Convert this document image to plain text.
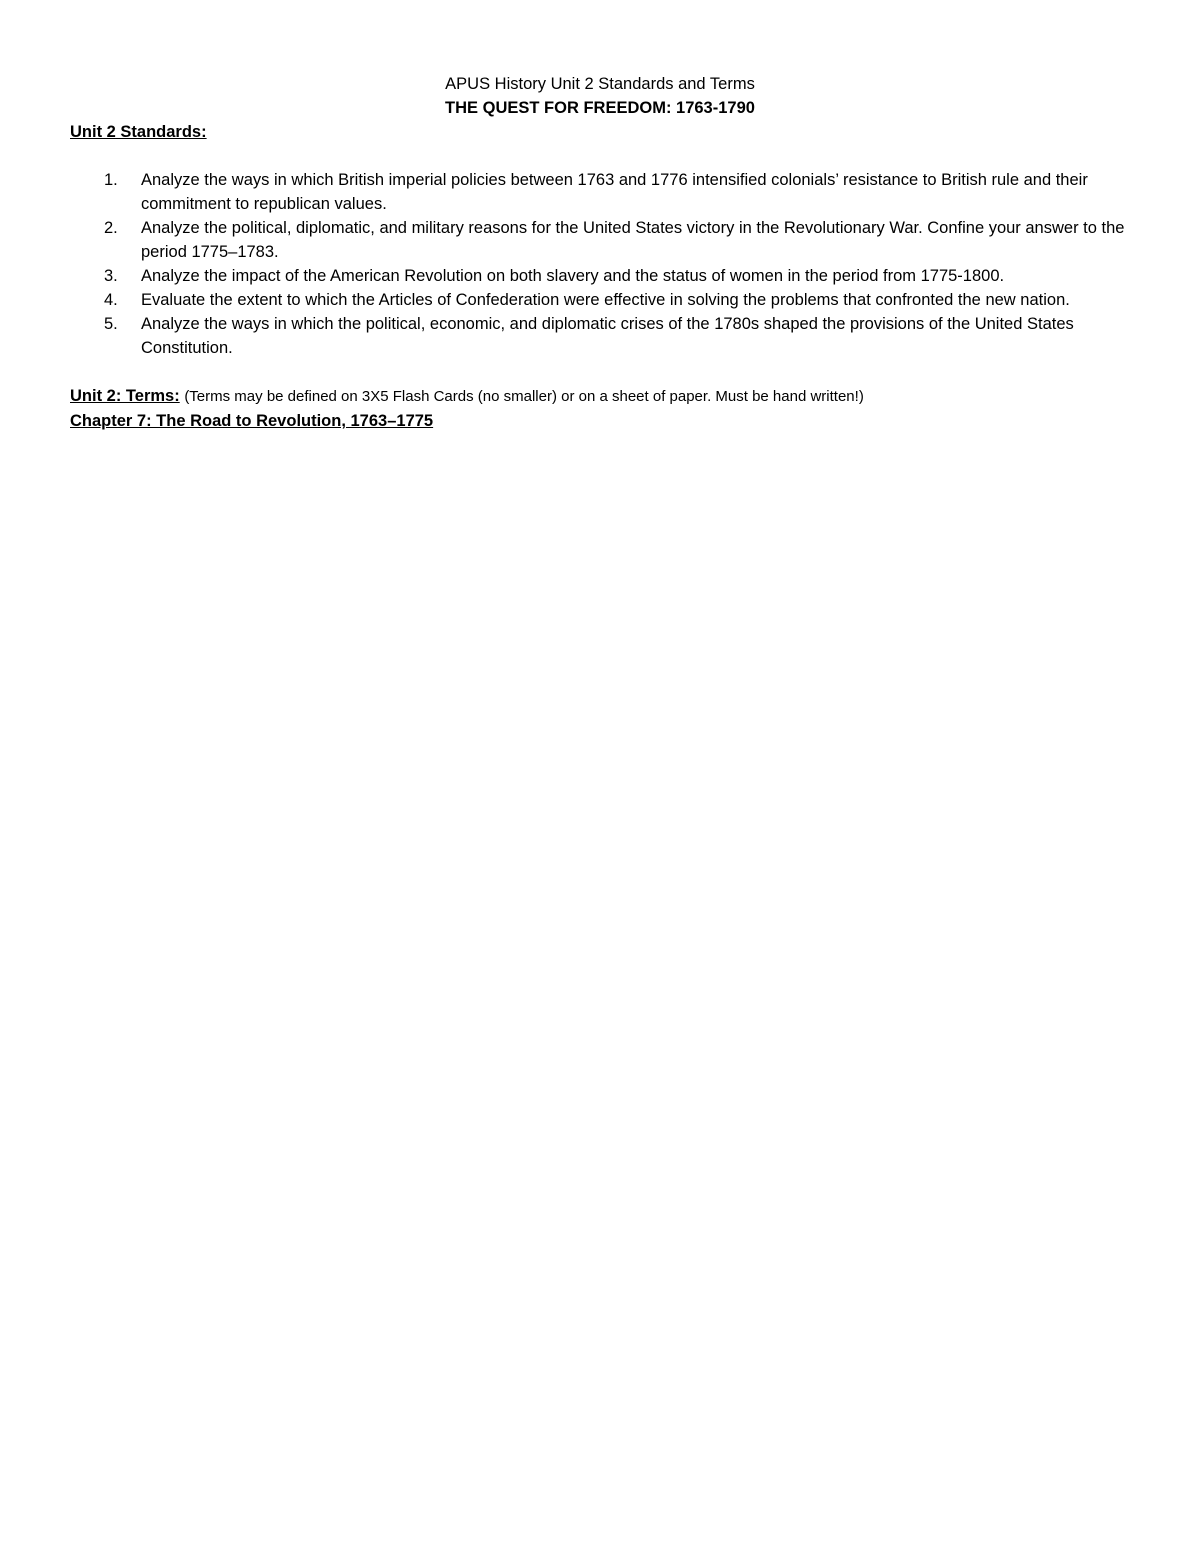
APUS History Unit 2 Standards and Terms

THE QUEST FOR FREEDOM: 1763-1790

Unit 2 Standards:

1. Analyze the ways in which British imperial policies between 1763 and 1776 intensified colonials’ resistance to British rule and their commitment to republican values.
2. Analyze the political, diplomatic, and military reasons for the United States victory in the Revolutionary War. Confine your answer to the period 1775–1783.
3. Analyze the impact of the American Revolution on both slavery and the status of women in the period from 1775-1800.
4. Evaluate the extent to which the Articles of Confederation were effective in solving the problems that confronted the new nation.
5. Analyze the ways in which the political, economic, and diplomatic crises of the 1780s shaped the provisions of the United States Constitution.

Unit 2: Terms: (Terms may be defined on 3X5 Flash Cards (no smaller) or on a sheet of paper. Must be hand written!)

Chapter 7: The Road to Revolution, 1763–1775
